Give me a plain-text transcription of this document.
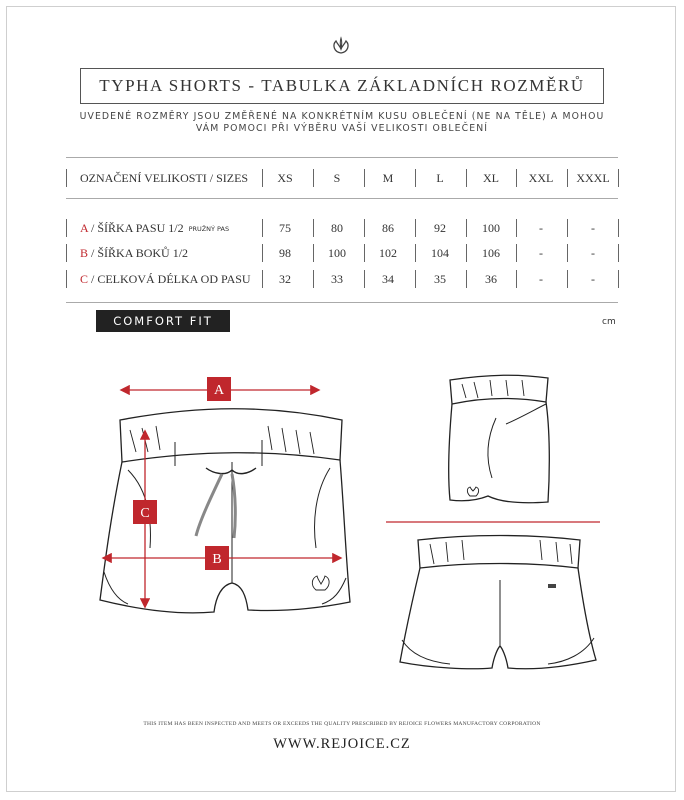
TYPHA SHORTS - TABULKA ZÁKLADNÍCH ROZMĚRŮ
UVEDENÉ ROZMĚRY JSOU ZMĚŘENÉ NA KONKRÉTNÍM KUSU OBLEČENÍ (NE NA TĚLE) A MOHOU
VÁM POMOCI PŘI VÝBĚRU VAŠÍ VELIKOSTI OBLEČENÍ
OZNAČENÍ VELIKOSTI / SIZES	XS	S	M	L	XL	XXL	XXXL
A / ŠÍŘKA PASU 1/2 PRUŽNÝ PAS	75	80	86	92	100	-	-
B / ŠÍŘKA BOKŮ 1/2	98	100	102	104	106	-	-
C / CELKOVÁ DÉLKA OD PASU	32	33	34	35	36	-	-
COMFORT FIT	cm
A
C
B
THIS ITEM HAS BEEN INSPECTED AND MEETS OR EXCEEDS THE QUALITY PRESCRIBED BY REJOICE FLOWERS MANUFACTORY CORPORATION
WWW.REJOICE.CZ
